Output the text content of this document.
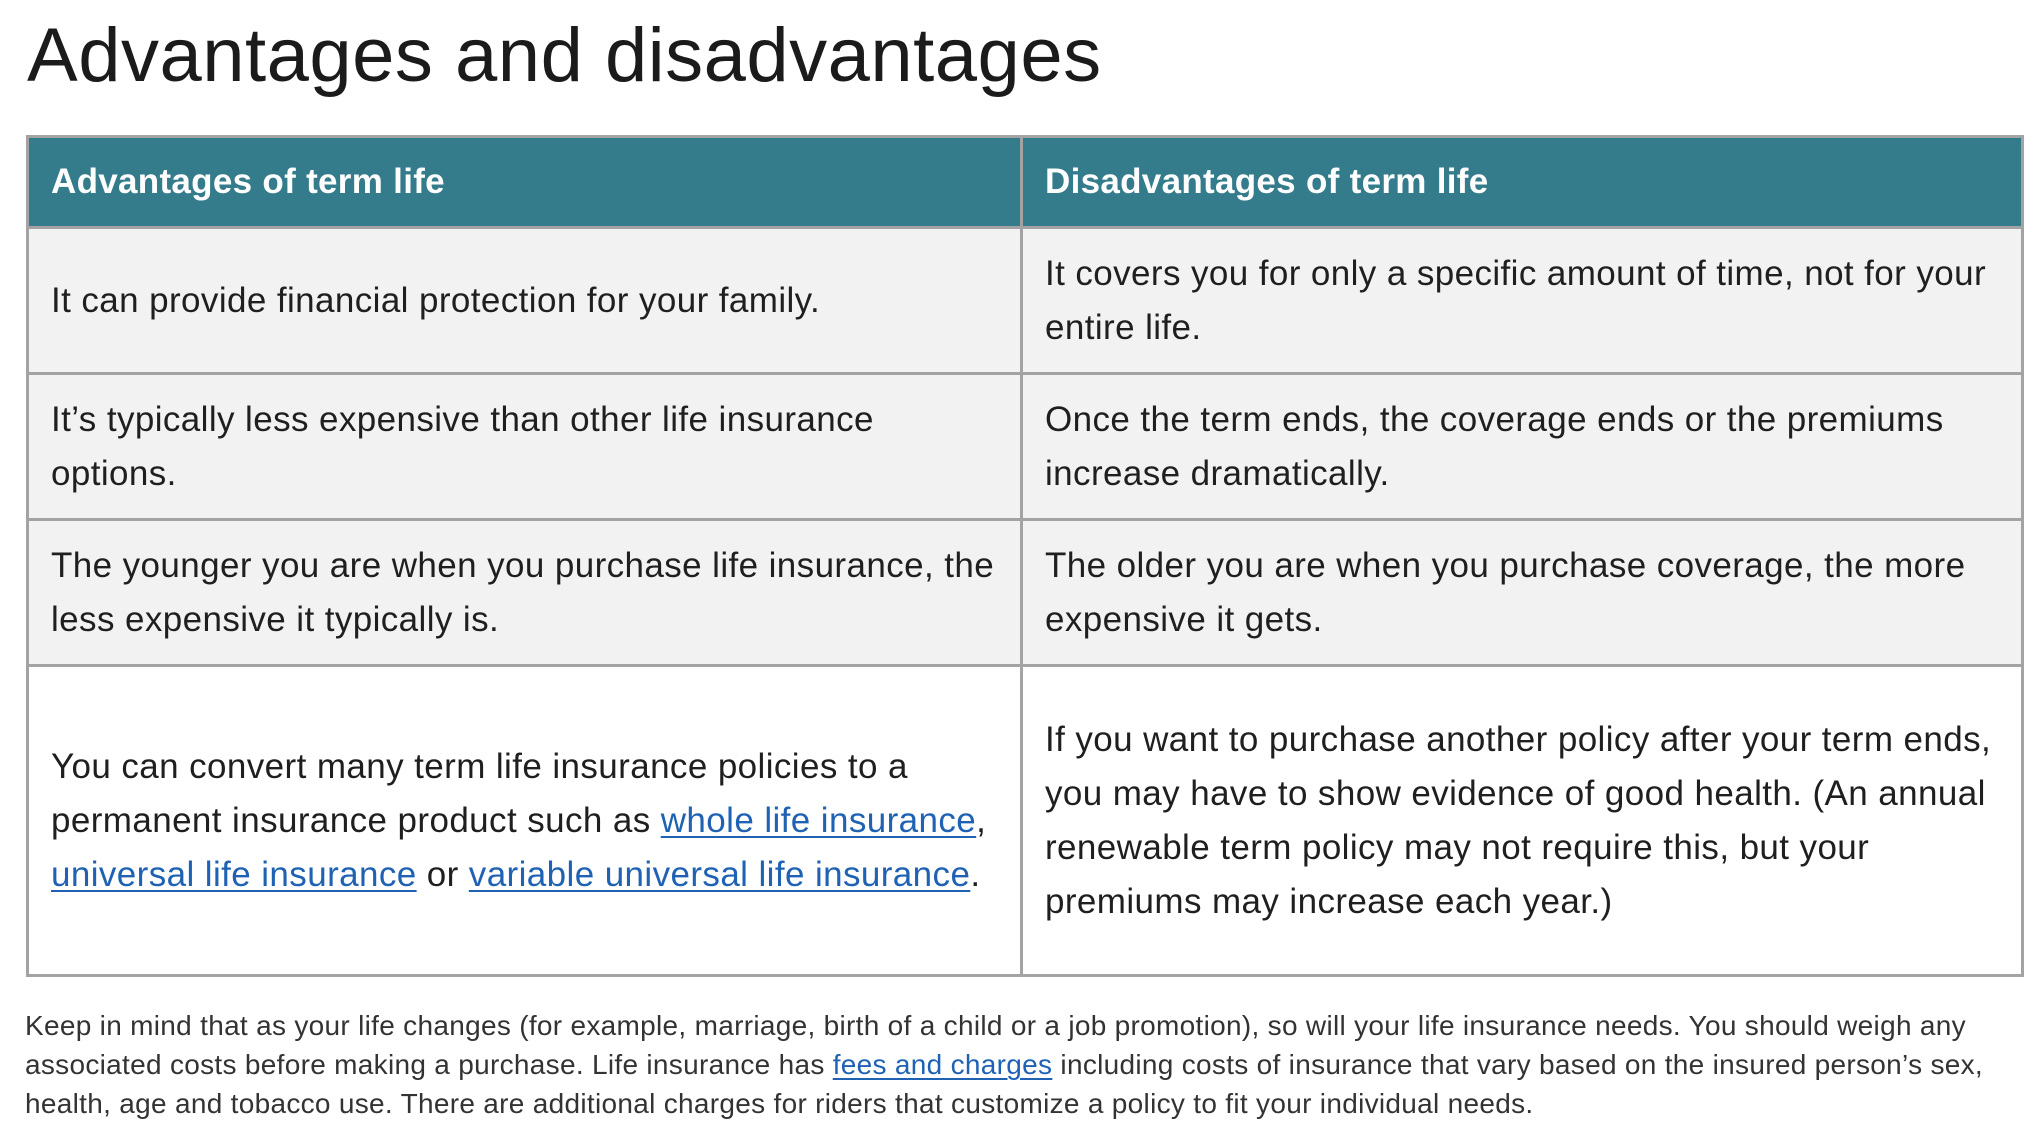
Advantages and disadvantages
Advantages of term life	Disadvantages of term life
It can provide financial protection for your family.	It covers you for only a specific amount of time, not for your entire life.
It’s typically less expensive than other life insurance options.	Once the term ends, the coverage ends or the premiums increase dramatically.
The younger you are when you purchase life insurance, the less expensive it typically is.	The older you are when you purchase coverage, the more expensive it gets.
You can convert many term life insurance policies to a permanent insurance product such as whole life insurance, universal life insurance or variable universal life insurance.	If you want to purchase another policy after your term ends, you may have to show evidence of good health. (An annual renewable term policy may not require this, but your premiums may increase each year.)

Keep in mind that as your life changes (for example, marriage, birth of a child or a job promotion), so will your life insurance needs. You should weigh any associated costs before making a purchase. Life insurance has fees and charges including costs of insurance that vary based on the insured person’s sex, health, age and tobacco use. There are additional charges for riders that customize a policy to fit your individual needs.
